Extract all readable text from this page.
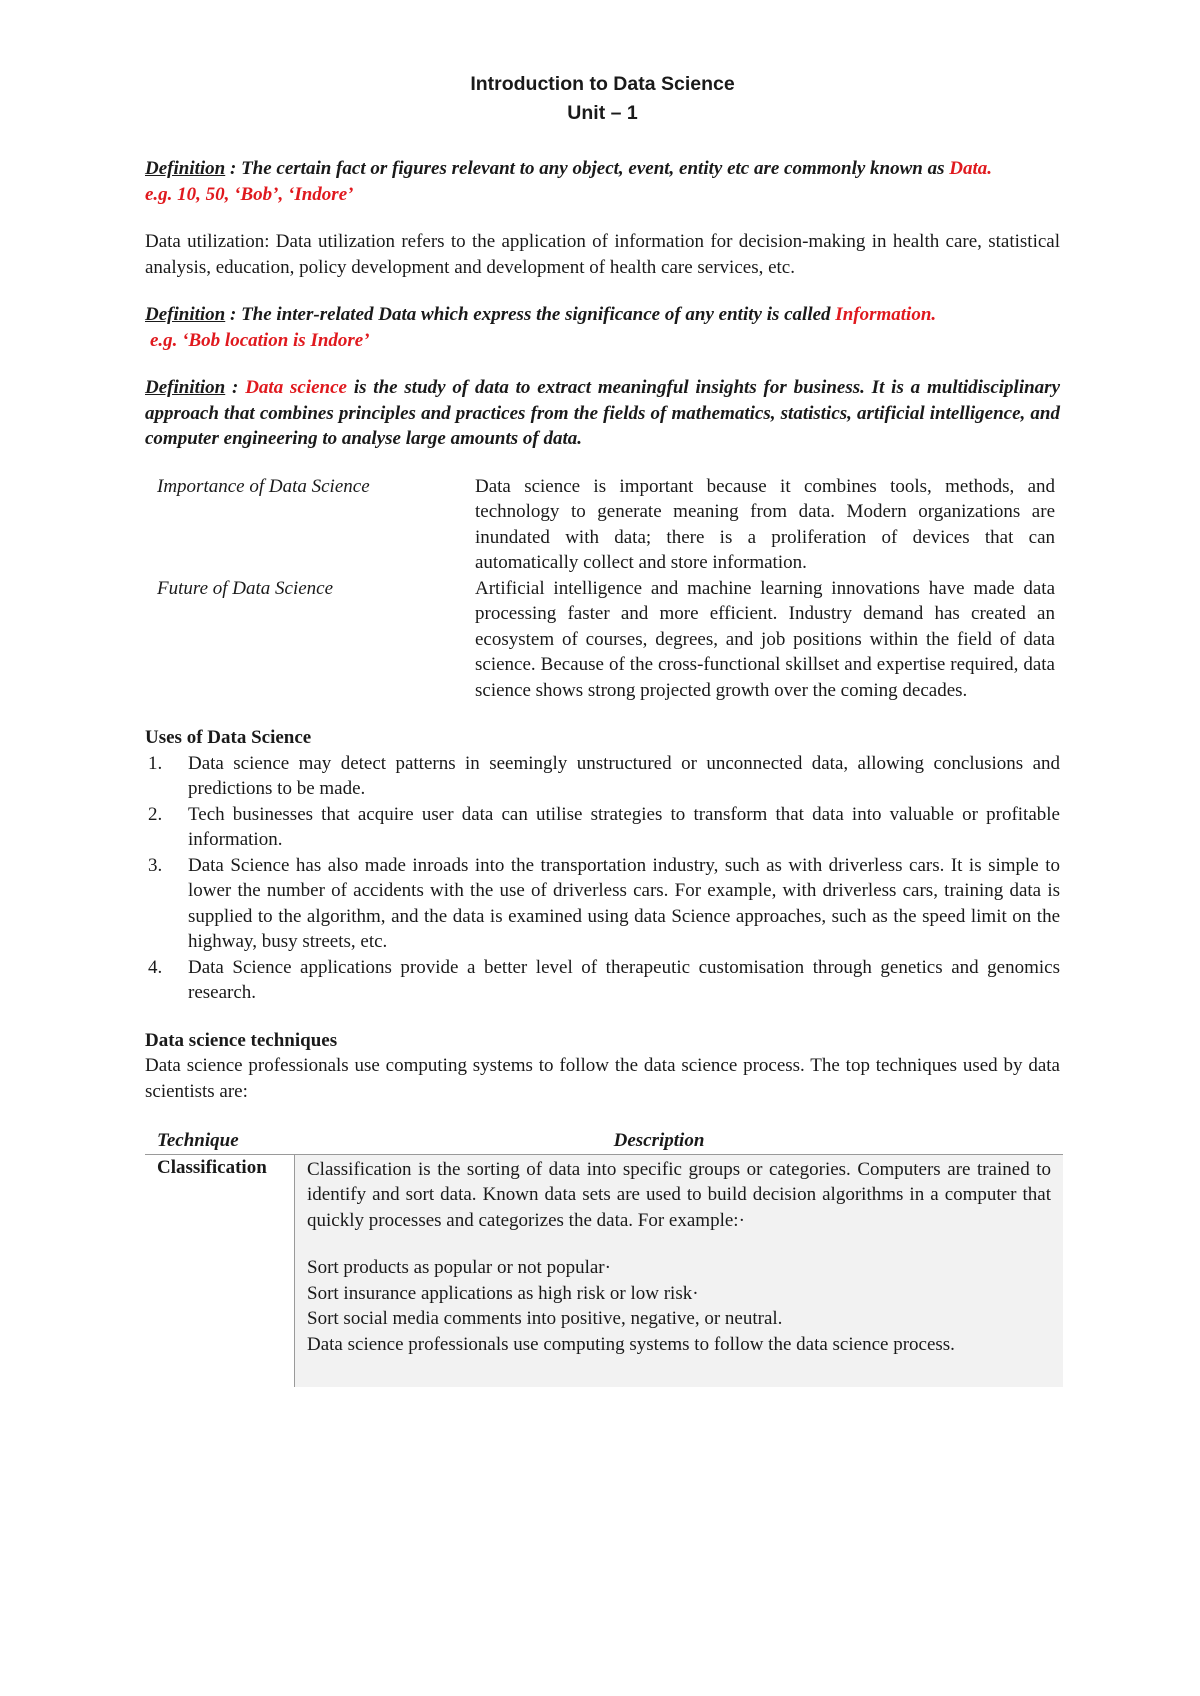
Introduction to Data Science
Unit – 1

Definition : The certain fact or figures relevant to any object, event, entity etc are commonly known as Data.

e.g. 10, 50, ‘Bob’, ‘Indore’

Data utilization: Data utilization refers to the application of information for decision-making in health care, statistical analysis, education, policy development and development of health care services, etc.

Definition : The inter-related Data which express the significance of any entity is called Information.

e.g. ‘Bob location is Indore’

Definition : Data science is the study of data to extract meaningful insights for business. It is a multidisciplinary approach that combines principles and practices from the fields of mathematics, statistics, artificial intelligence, and computer engineering to analyse large amounts of data.

Importance of Data Science	Data science is important because it combines tools, methods, and technology to generate meaning from data. Modern organizations are inundated with data; there is a proliferation of devices that can automatically collect and store information.
Future of Data Science	Artificial intelligence and machine learning innovations have made data processing faster and more efficient. Industry demand has created an ecosystem of courses, degrees, and job positions within the field of data science. Because of the cross-functional skillset and expertise required, data science shows strong projected growth over the coming decades.
Uses of Data Science
1.	Data science may detect patterns in seemingly unstructured or unconnected data, allowing conclusions and predictions to be made.
2.	Tech businesses that acquire user data can utilise strategies to transform that data into valuable or profitable information.
3.	Data Science has also made inroads into the transportation industry, such as with driverless cars. It is simple to lower the number of accidents with the use of driverless cars. For example, with driverless cars, training data is supplied to the algorithm, and the data is examined using data Science approaches, such as the speed limit on the highway, busy streets, etc.
4.	Data Science applications provide a better level of therapeutic customisation through genetics and genomics research.
Data science techniques

Data science professionals use computing systems to follow the data science process. The top techniques used by data scientists are:

Technique	Description
Classification	Classification is the sorting of data into specific groups or categories. Computers are trained to identify and sort data. Known data sets are used to build decision algorithms in a computer that quickly processes and categorizes the data. For example:·

Sort products as popular or not popular·

Sort insurance applications as high risk or low risk·

Sort social media comments into positive, negative, or neutral.

Data science professionals use computing systems to follow the data science process.
